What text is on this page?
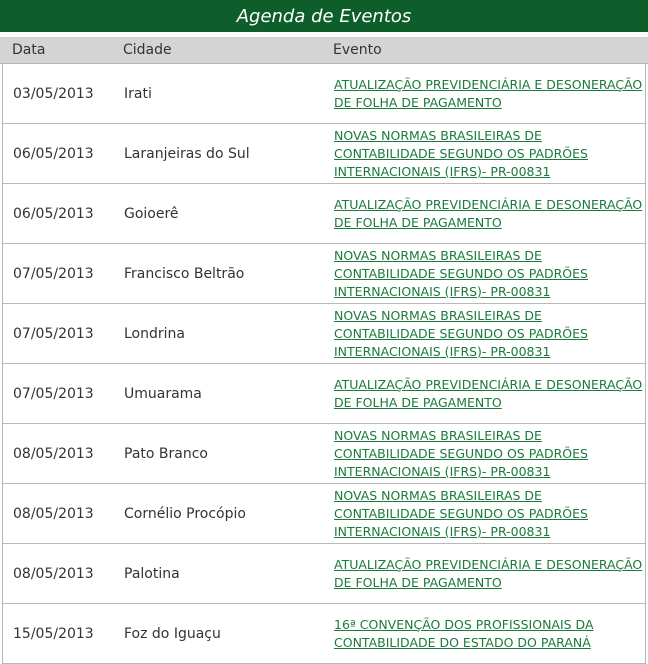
Agenda de Eventos
Data	Cidade	Evento
03/05/2013	Irati
ATUALIZAÇÃO PREVIDENCIÁRIA E DESONERAÇÃO DE FOLHA DE PAGAMENTO
06/05/2013	Laranjeiras do Sul
NOVAS NORMAS BRASILEIRAS DE CONTABILIDADE SEGUNDO OS PADRÕES INTERNACIONAIS (IFRS)- PR-00831
06/05/2013	Goioerê
ATUALIZAÇÃO PREVIDENCIÁRIA E DESONERAÇÃO DE FOLHA DE PAGAMENTO
07/05/2013	Francisco Beltrão
NOVAS NORMAS BRASILEIRAS DE CONTABILIDADE SEGUNDO OS PADRÕES INTERNACIONAIS (IFRS)- PR-00831
07/05/2013	Londrina
NOVAS NORMAS BRASILEIRAS DE CONTABILIDADE SEGUNDO OS PADRÕES INTERNACIONAIS (IFRS)- PR-00831
07/05/2013	Umuarama
ATUALIZAÇÃO PREVIDENCIÁRIA E DESONERAÇÃO DE FOLHA DE PAGAMENTO
08/05/2013	Pato Branco
NOVAS NORMAS BRASILEIRAS DE CONTABILIDADE SEGUNDO OS PADRÕES INTERNACIONAIS (IFRS)- PR-00831
08/05/2013	Cornélio Procópio
NOVAS NORMAS BRASILEIRAS DE CONTABILIDADE SEGUNDO OS PADRÕES INTERNACIONAIS (IFRS)- PR-00831
08/05/2013	Palotina
ATUALIZAÇÃO PREVIDENCIÁRIA E DESONERAÇÃO DE FOLHA DE PAGAMENTO
15/05/2013	Foz do Iguaçu
16ª CONVENÇÃO DOS PROFISSIONAIS DA CONTABILIDADE DO ESTADO DO PARANÁ
